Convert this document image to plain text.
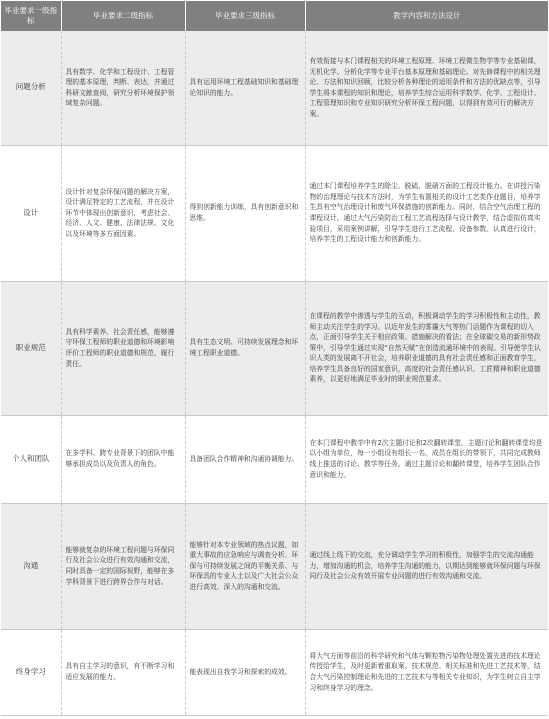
毕业要求一级指标	毕业要求二级指标	毕业要求三级指标	教学内容和方法设计
问题分析	具有数学、化学和工程设计、工程管理的基本原理，判断、表达，并通过科研文献查阅，研究分析环境保护领域复杂问题。	具有运用环境工程基础知识和基础理论知识的能力。	有效衔接与本门课程相关的环境工程原理、环境工程微生物学等专业基础课，无机化学、分析化学等专业平台基本原理和基础理论。对先修课程中的相关理论、方法和知识回顾，比较分析各种理论的适用条件和方法的优缺点等，引导学生将本课程的知识和理论，培养学生综合运用科学数学、化学、工程设计、工程管理知识和专业知识研究分析环保工程问题，以得到有效可行的解决方案。
设计	设计针对复杂环保问题的解决方案，设计满足特定的工艺流程，并在设计环节中体现出创新意识，考虑社会、经济、人文、健康、法律法规、文化以及环境等多方面因素。	得到创新能力训练，具有创新意识和思维。	通过本门课程培养学生的除尘、脱硫、脱硝方面的工程设计能力。在讲授污染物的治理理论与技术方法时，为学生布置相关的设计工艺类作业题目，培养学生具有空气治理设计和废气环保措施的创新能力。同时，结合空气治理工程的课程设计，通过大气污染防治工程工艺流程选择与设计教学，结合虚拟仿真实验项目，采用案例讲解，引导学生进行工艺流程、设备参数、认真进行设计，培养学生的工程设计能力和创新能力。
职业规范	具有科学素养、社会责任感，能够遵守环保工程师的职业道德和环境影响评价工程师的职业道德和规范，履行责任。	具有生态文明、可持续发展理念和环境工程职业道德。	在课程的教学中渗透与学生的互动，积极调动学生的学习积极性和主动性，教师主动关注学生的学习。以近年发生的雾霾大气等热门话题作为课程的切入点，正面引导学生关于相应政策、措施解决的看法；在全球碳交易的新形势政策中，引导学生通过实现“自然天赋”在创造流通环境中的表现。引导使学生认识人类的发展离不开社会，培养职业道德的具有社会责任感和正面教育学生，培养学生具备良好的国家意识，高度的社会责任感认识、工匠精神和职业道德素养，以更好地满足毕业时的职业规范要求。
个人和团队	在多学科、跨专业背景下的团队中能够承担成员以及负责人的角色。	具备团队合作精神和沟通协调能力。	在本门课程中教学中有2次主题讨论和2次翻转课堂，主题讨论和翻转课堂均是以小组为单位，每一小组设有组长一名，成员在组长的带领下，共同完成教师线上推送的讨论、教学等任务。通过主题讨论和翻转课堂，培养学生团队合作意识和能力。
沟通	能够就复杂的环境工程问题与环保同行及社会公众进行有效沟通和交流，同时具备一定的国际视野，能够在多学科背景下进行跨界合作与对话。	能够针对本专业领域的热点议题，如重大事故的应急响应与调查分析、环保与可持续发展之间的平衡关系、与环保具的专业人士以及广大社会公众进行高效、深入的沟通和交流。	通过线上线下的交流，充分调动学生学习的积极性，加强学生的交流沟通能力，增加沟通的机会，培养学生沟通的能力，以期达到能够就环保问题与环保同行及社会公众有效开展专业问题的进行有效沟通和交流。
终身学习	具有自主学习的意识，有不断学习和适应发展的能力。	能表现出自我学习和探索的成效。	将大气方面等前沿的科学研究和气体与颗粒物污染物处理处置先进的技术理论传授给学生，及时更新着重取案、技术规范、相关标准和先进工艺技术等，结合大气污染控制理论和先进的工艺技术与等相关专业知识，为学生树立自主学习和终身学习的理念。
